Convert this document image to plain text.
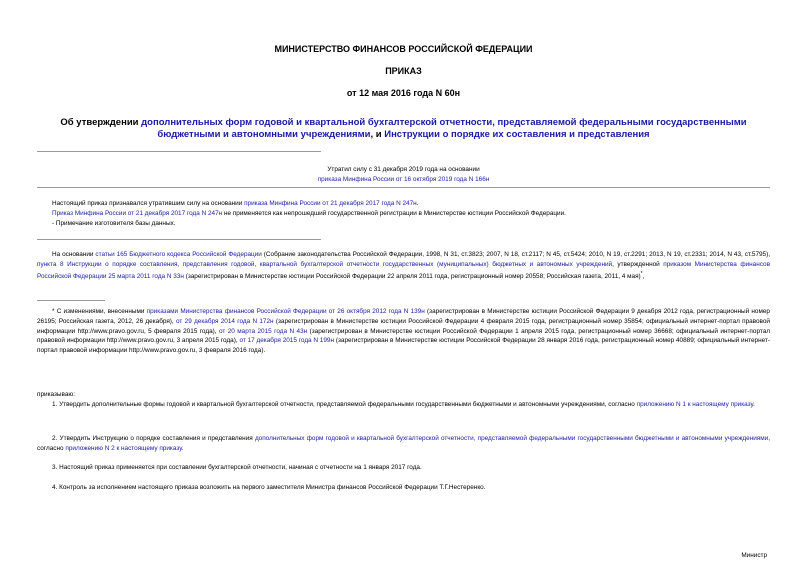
МИНИСТЕРСТВО ФИНАНСОВ РОССИЙСКОЙ ФЕДЕРАЦИИ
ПРИКАЗ
от 12 мая 2016 года N 60н
Об утверждении дополнительных форм годовой и квартальной бухгалтерской отчетности, представляемой федеральными государственными бюджетными и автономными учреждениями, и Инструкции о порядке их составления и представления
Утратил силу с 31 декабря 2019 года на основании
приказа Минфина России от 16 октября 2019 года N 166н
Настоящий приказ признавался утратившим силу на основании приказа Минфина России от 21 декабря 2017 года N 247н.
Приказ Минфина России от 21 декабря 2017 года N 247н не применяется как непрошедший государственной регистрации в Министерстве юстиции Российской Федерации.
- Примечание изготовителя базы данных.
На основании статьи 165 Бюджетного кодекса Российской Федерации (Собрание законодательства Российской Федерации, 1998, N 31, ст.3823; 2007, N 18, ст.2117; N 45, ст.5424; 2010, N 19, ст.2291; 2013, N 19, ст.2331; 2014, N 43, ст.5795), пункта 8 Инструкции о порядке составления, представления годовой, квартальной бухгалтерской отчетности государственных (муниципальных) бюджетных и автономных учреждений, утвержденной приказом Министерства финансов Российской Федерации 25 марта 2011 года N 33н (зарегистрирован в Министерстве юстиции Российской Федерации 22 апреля 2011 года, регистрационный номер 20558; Российская газета, 2011, 4 мая)*,
* С изменениями, внесенными приказами Министерства финансов Российской Федерации от 26 октября 2012 года N 139н (зарегистрирован в Министерстве юстиции Российской Федерации 9 декабря 2012 года, регистрационный номер 26195; Российская газета, 2012, 26 декабря), от 29 декабря 2014 года N 172н (зарегистрирован в Министерстве юстиции Российской Федерации 4 февраля 2015 года, регистрационный номер 35854; официальный интернет-портал правовой информации http://www.pravo.gov.ru, 5 февраля 2015 года), от 20 марта 2015 года N 43н (зарегистрирован в Министерстве юстиции Российской Федерации 1 апреля 2015 года, регистрационный номер 36668; официальный интернет-портал правовой информации http://www.pravo.gov.ru, 3 апреля 2015 года), от 17 декабря 2015 года N 199н (зарегистрирован в Министерстве юстиции Российской Федерации 28 января 2016 года, регистрационный номер 40889; официальный интернет-портал правовой информации http://www.pravo.gov.ru, 3 февраля 2016 года).
приказываю:
1. Утвердить дополнительные формы годовой и квартальной бухгалтерской отчетности, представляемой федеральными государственными бюджетными и автономными учреждениями, согласно приложению N 1 к настоящему приказу.
2. Утвердить Инструкцию о порядке составления и представления дополнительных форм годовой и квартальной бухгалтерской отчетности, представляемой федеральными государственными бюджетными и автономными учреждениями, согласно приложению N 2 к настоящему приказу.
3. Настоящий приказ применяется при составлении бухгалтерской отчетности, начиная с отчетности на 1 января 2017 года.
4. Контроль за исполнением настоящего приказа возложить на первого заместителя Министра финансов Российской Федерации Т.Г.Нестеренко.
Министр
